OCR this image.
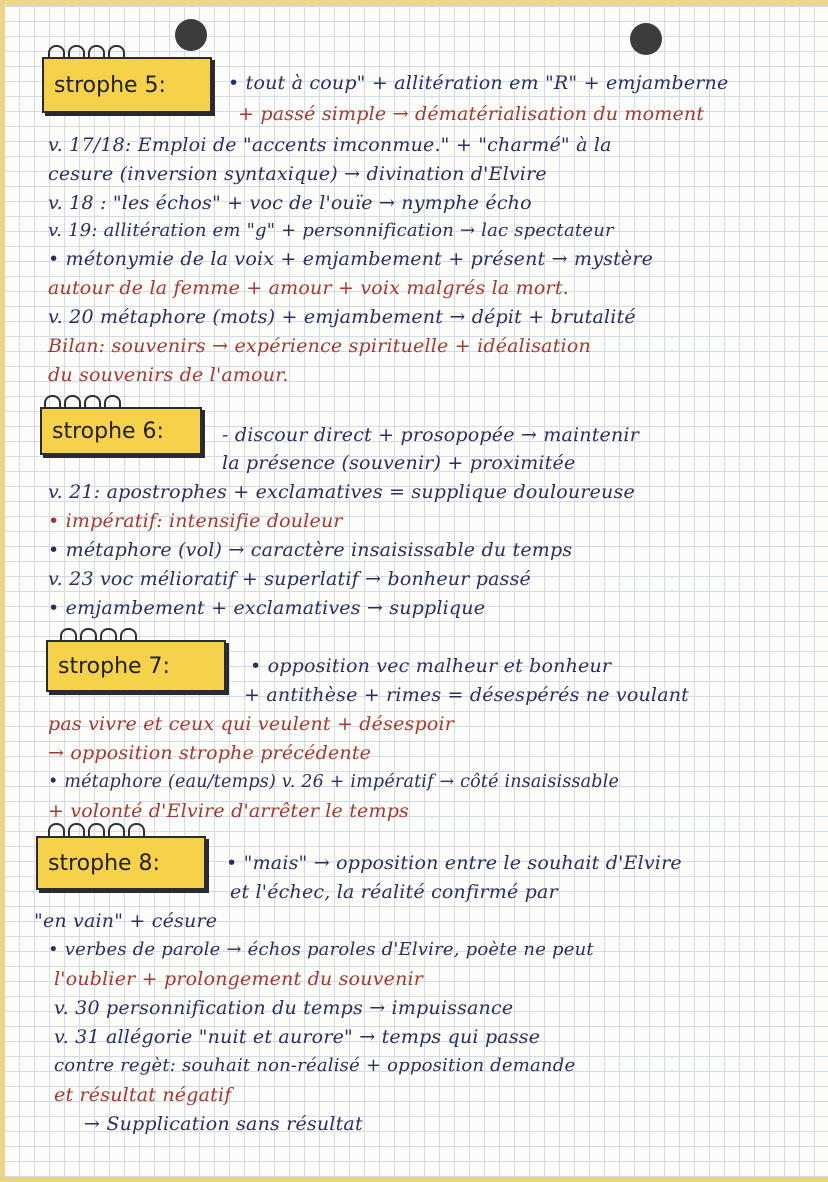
strophe 5:	• tout à coup" + allitération em "R" + emjamberne
+ passé simple → dématérialisation du moment
v. 17/18: Emploi de "accents imconmue." + "charmé" à la
cesure (inversion syntaxique) → divination d'Elvire
v. 18 : "les échos" + voc de l'ouïe → nymphe écho
v. 19: allitération em "g" + personnification → lac spectateur
• métonymie de la voix + emjambement + présent → mystère
autour de la femme + amour + voix malgrés la mort.
v. 20 métaphore (mots) + emjambement → dépit + brutalité
Bilan: souvenirs → expérience spirituelle + idéalisation
du souvenirs de l'amour.
strophe 6:	- discour direct + prosopopée → maintenir
la présence (souvenir) + proximitée
v. 21: apostrophes + exclamatives = supplique douloureuse
• impératif: intensifie douleur
• métaphore (vol) → caractère insaisissable du temps
v. 23 voc mélioratif + superlatif → bonheur passé
• emjambement + exclamatives → supplique
strophe 7:	• opposition vec malheur et bonheur
+ antithèse + rimes = désespérés ne voulant
pas vivre et ceux qui veulent + désespoir
→ opposition strophe précédente
• métaphore (eau/temps) v. 26 + impératif → côté insaisissable
+ volonté d'Elvire d'arrêter le temps
strophe 8:	• "mais" → opposition entre le souhait d'Elvire
et l'échec, la réalité confirmé par
"en vain" + césure
• verbes de parole → échos paroles d'Elvire, poète ne peut
l'oublier + prolongement du souvenir
v. 30 personnification du temps → impuissance
v. 31 allégorie "nuit et aurore" → temps qui passe
contre regèt: souhait non-réalisé + opposition demande
et résultat négatif
→ Supplication sans résultat
